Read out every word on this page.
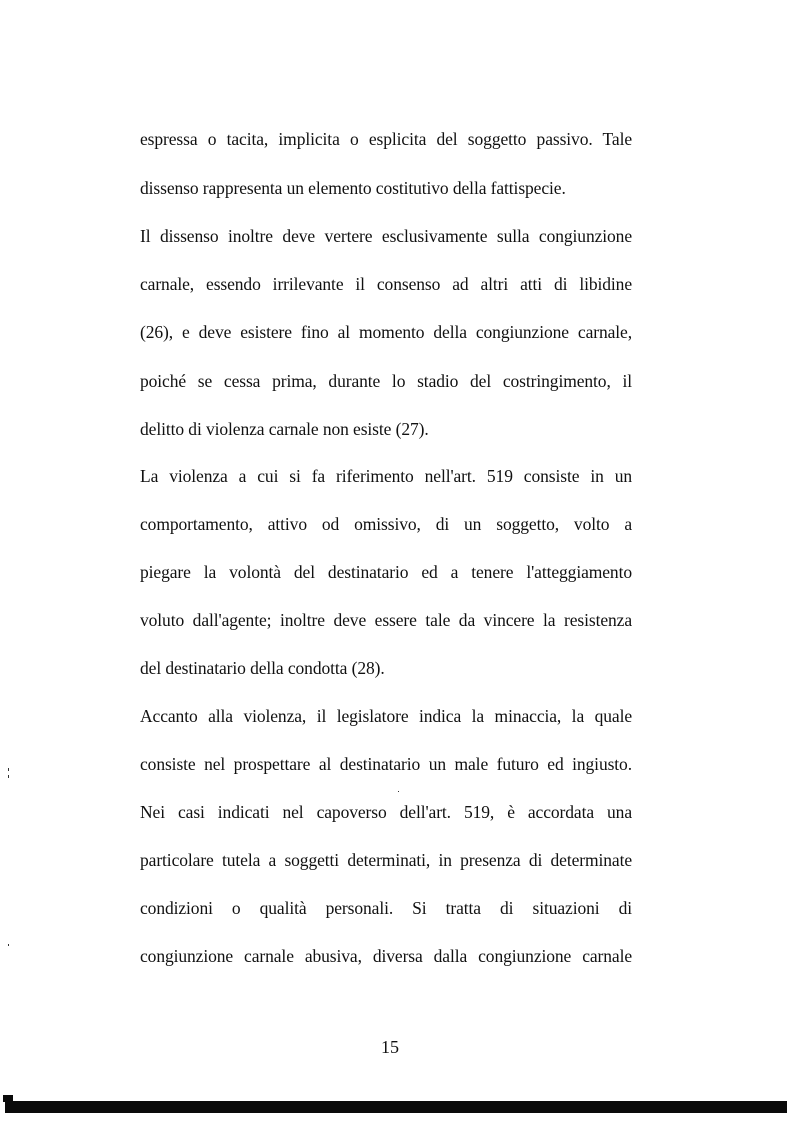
espressa o tacita, implicita o esplicita del soggetto passivo. Tale
dissenso rappresenta un elemento costitutivo della fattispecie.
Il dissenso inoltre deve vertere esclusivamente sulla congiunzione
carnale, essendo irrilevante il consenso ad altri atti di libidine
(26), e deve esistere fino al momento della congiunzione carnale,
poiché se cessa prima, durante lo stadio del costringimento, il
delitto di violenza carnale non esiste (27).
La violenza a cui si fa riferimento nell'art. 519 consiste in un
comportamento, attivo od omissivo, di un soggetto, volto a
piegare la volontà del destinatario ed a tenere l'atteggiamento
voluto dall'agente; inoltre deve essere tale da vincere la resistenza
del destinatario della condotta (28).
Accanto alla violenza, il legislatore indica la minaccia, la quale
consiste nel prospettare al destinatario un male futuro ed ingiusto.
Nei casi indicati nel capoverso dell'art. 519, è accordata una
particolare tutela a soggetti determinati, in presenza di determinate
condizioni o qualità personali. Si tratta di situazioni di
congiunzione carnale abusiva, diversa dalla congiunzione carnale
15
